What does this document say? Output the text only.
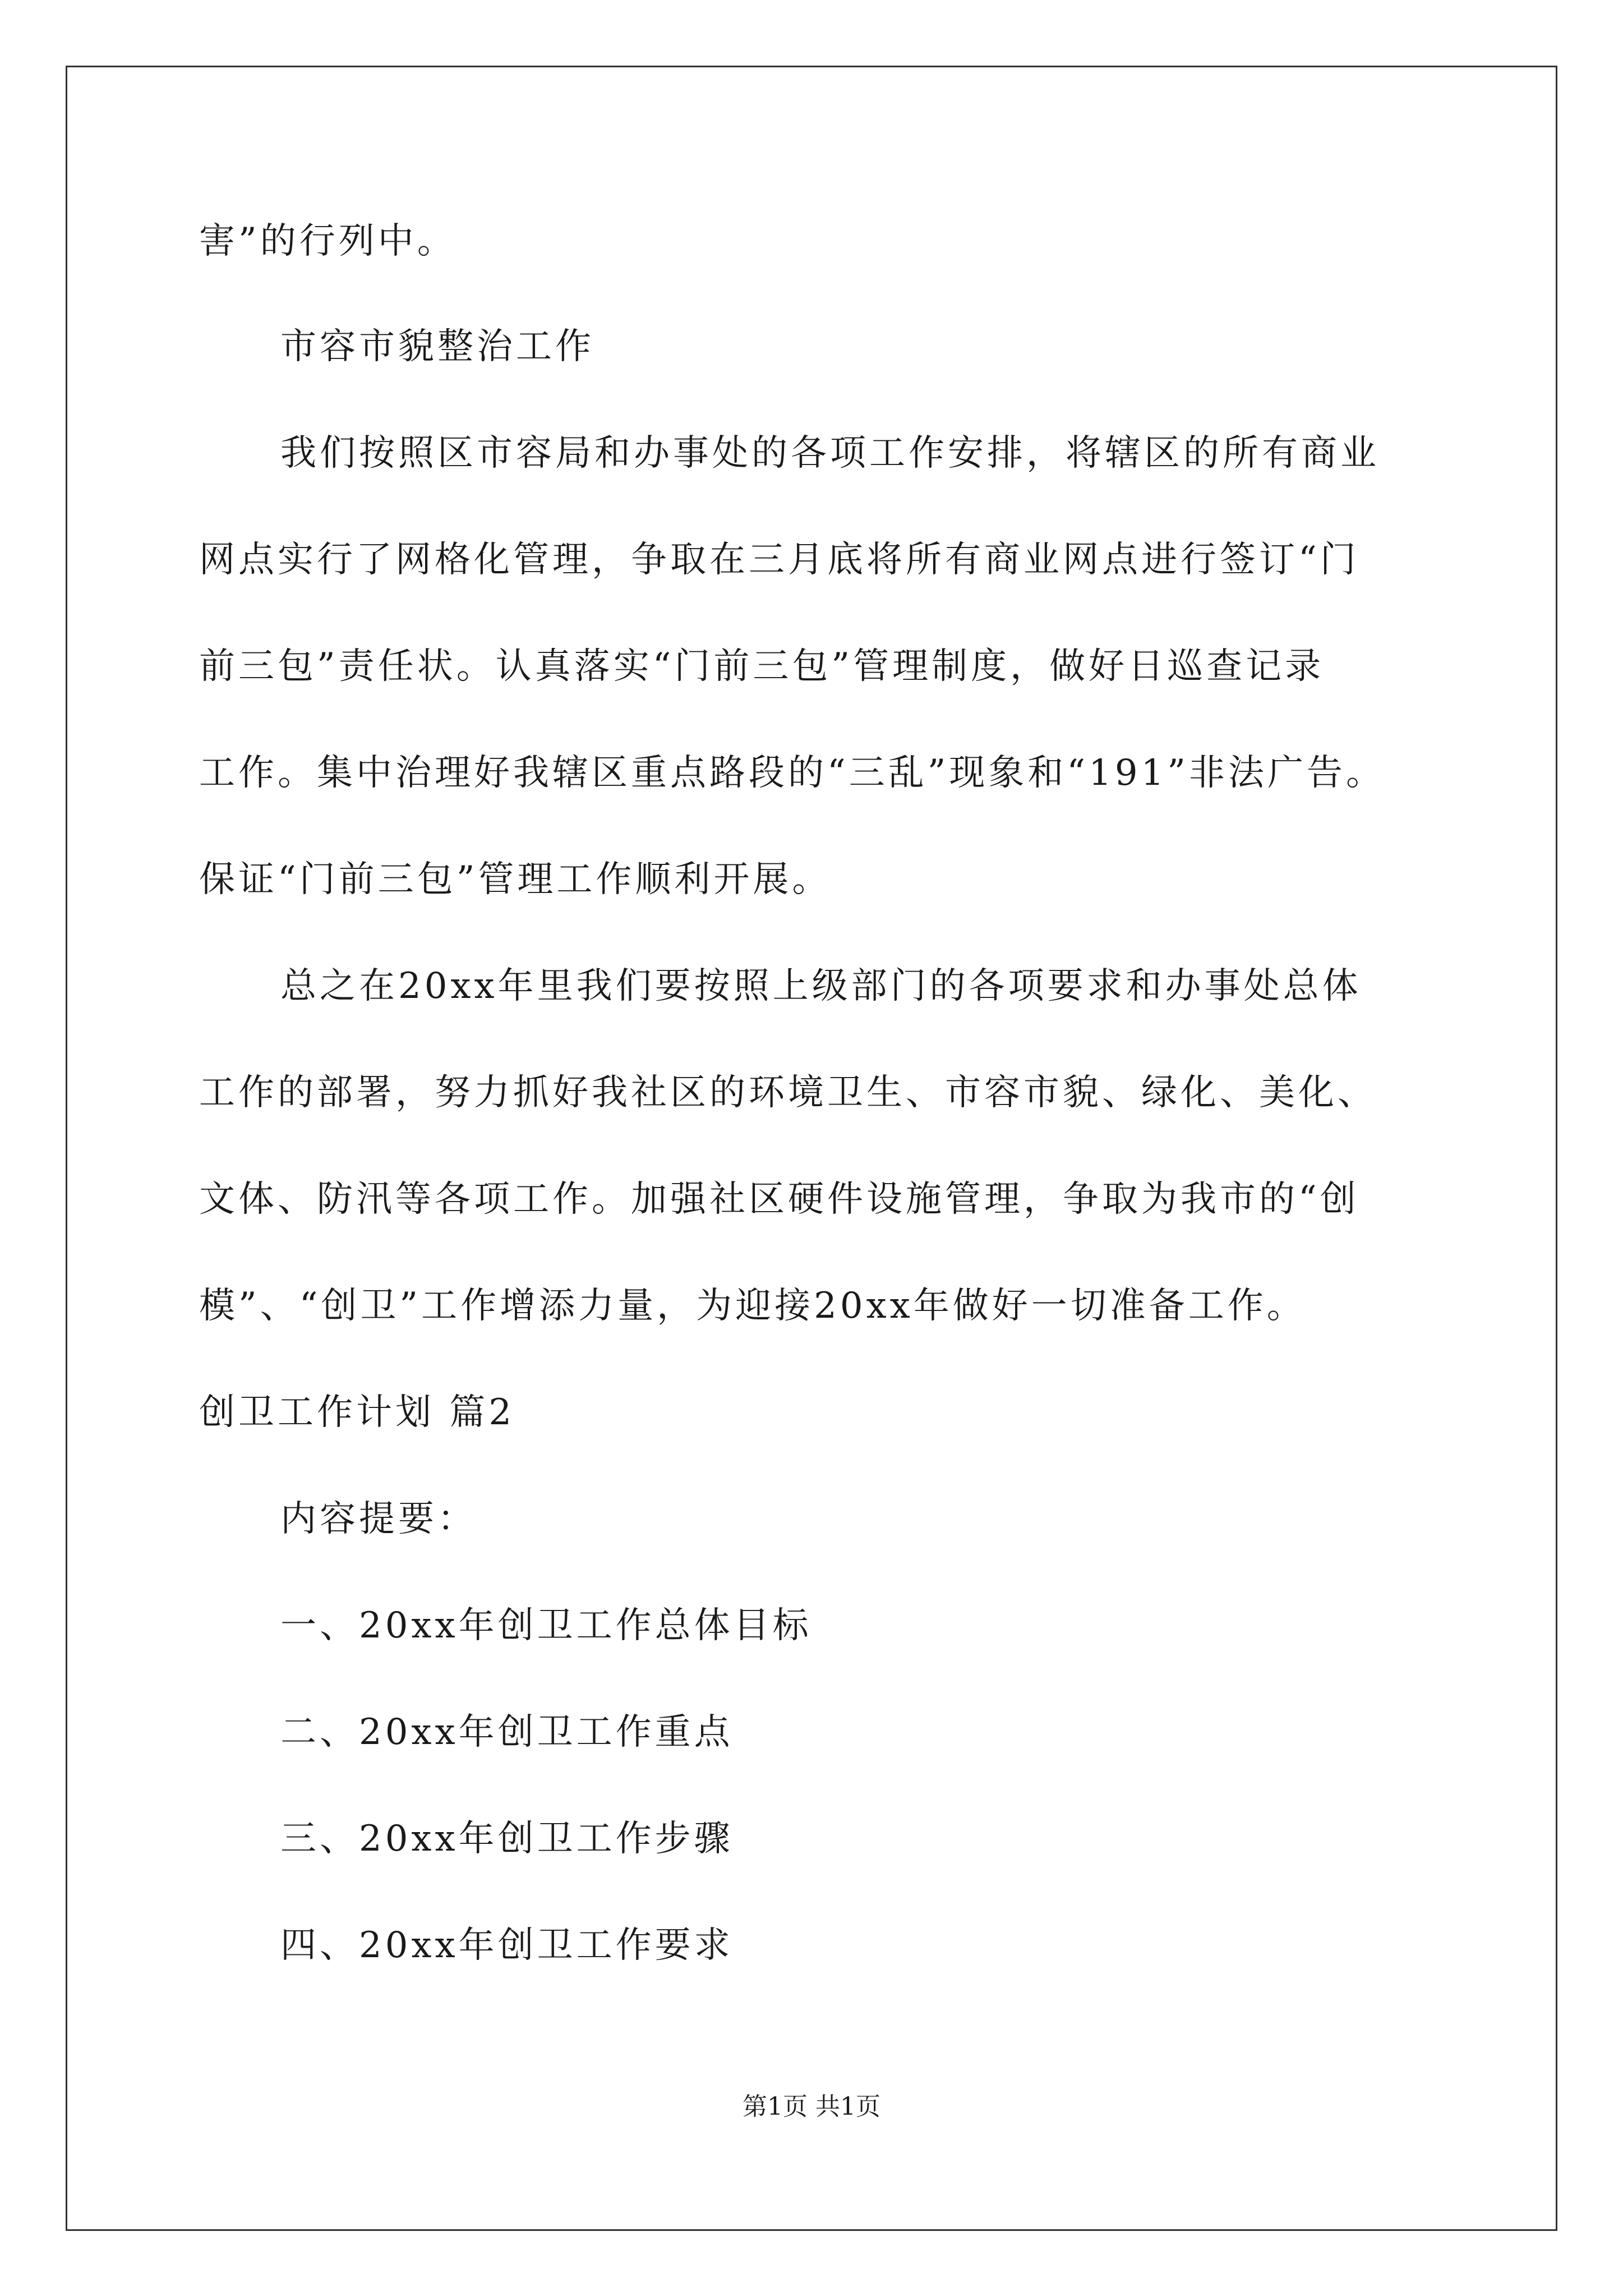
害”的行列中。
市容市貌整治工作
我们按照区市容局和办事处的各项工作安排，将辖区的所有商业
网点实行了网格化管理，争取在三月底将所有商业网点进行签订“门
前三包”责任状。认真落实“门前三包”管理制度，做好日巡查记录
工作。集中治理好我辖区重点路段的“三乱”现象和“191”非法广告。
保证“门前三包”管理工作顺利开展。
总之在20xx年里我们要按照上级部门的各项要求和办事处总体
工作的部署，努力抓好我社区的环境卫生、市容市貌、绿化、美化、
文体、防汛等各项工作。加强社区硬件设施管理，争取为我市的“创
模”、“创卫”工作增添力量，为迎接20xx年做好一切准备工作。
创卫工作计划 篇2
内容提要：
一、20xx年创卫工作总体目标
二、20xx年创卫工作重点
三、20xx年创卫工作步骤
四、20xx年创卫工作要求
第1页 共1页
